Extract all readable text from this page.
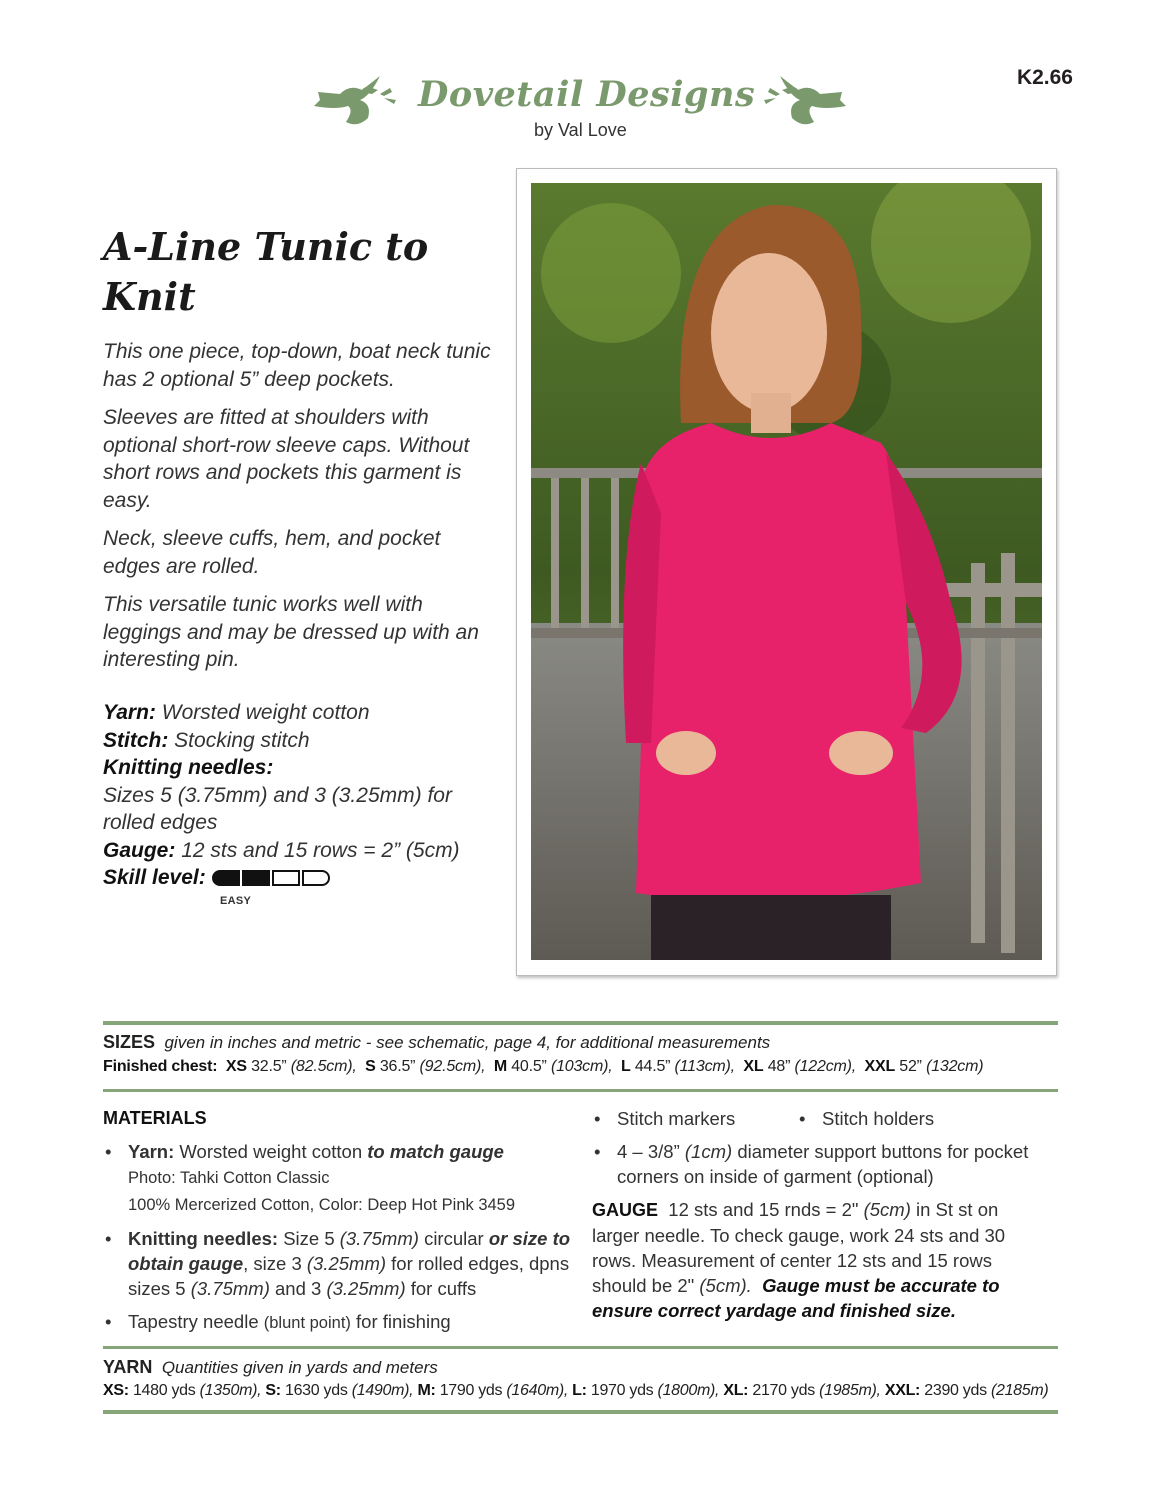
Dovetail Designs
by Val Love
K2.66
A-Line Tunic to Knit

This one piece, top-down, boat neck tunic has 2 optional 5” deep pockets.

Sleeves are fitted at shoulders with optional short-row sleeve caps. Without short rows and pockets this garment is easy.

Neck, sleeve cuffs, hem, and pocket edges are rolled.

This versatile tunic works well with leggings and may be dressed up with an interesting pin.

Yarn: Worsted weight cotton
Stitch: Stocking stitch
Knitting needles:
Sizes 5 (3.75mm) and 3 (3.25mm) for rolled edges
Gauge: 12 sts and 15 rows = 2” (5cm)
Skill level:
EASY
SIZES given in inches and metric - see schematic, page 4, for additional measurements
Finished chest: XS 32.5” (82.5cm), S 36.5” (92.5cm), M 40.5” (103cm), L 44.5” (113cm), XL 48” (122cm), XXL 52” (132cm)
MATERIALS
• Yarn: Worsted weight cotton to match gauge
Photo: Tahki Cotton Classic
100% Mercerized Cotton, Color: Deep Hot Pink 3459
• Knitting needles: Size 5 (3.75mm) circular or size to obtain gauge, size 3 (3.25mm) for rolled edges, dpns sizes 5 (3.75mm) and 3 (3.25mm) for cuffs
• Tapestry needle (blunt point) for finishing
• Stitch markers	• Stitch holders
• 4 – 3/8” (1cm) diameter support buttons for pocket corners on inside of garment (optional)
GAUGE 12 sts and 15 rnds = 2" (5cm) in St st on larger needle. To check gauge, work 24 sts and 30 rows. Measurement of center 12 sts and 15 rows should be 2" (5cm). Gauge must be accurate to ensure correct yardage and finished size.
YARN Quantities given in yards and meters
XS: 1480 yds (1350m), S: 1630 yds (1490m), M: 1790 yds (1640m), L: 1970 yds (1800m), XL: 2170 yds (1985m), XXL: 2390 yds (2185m)
